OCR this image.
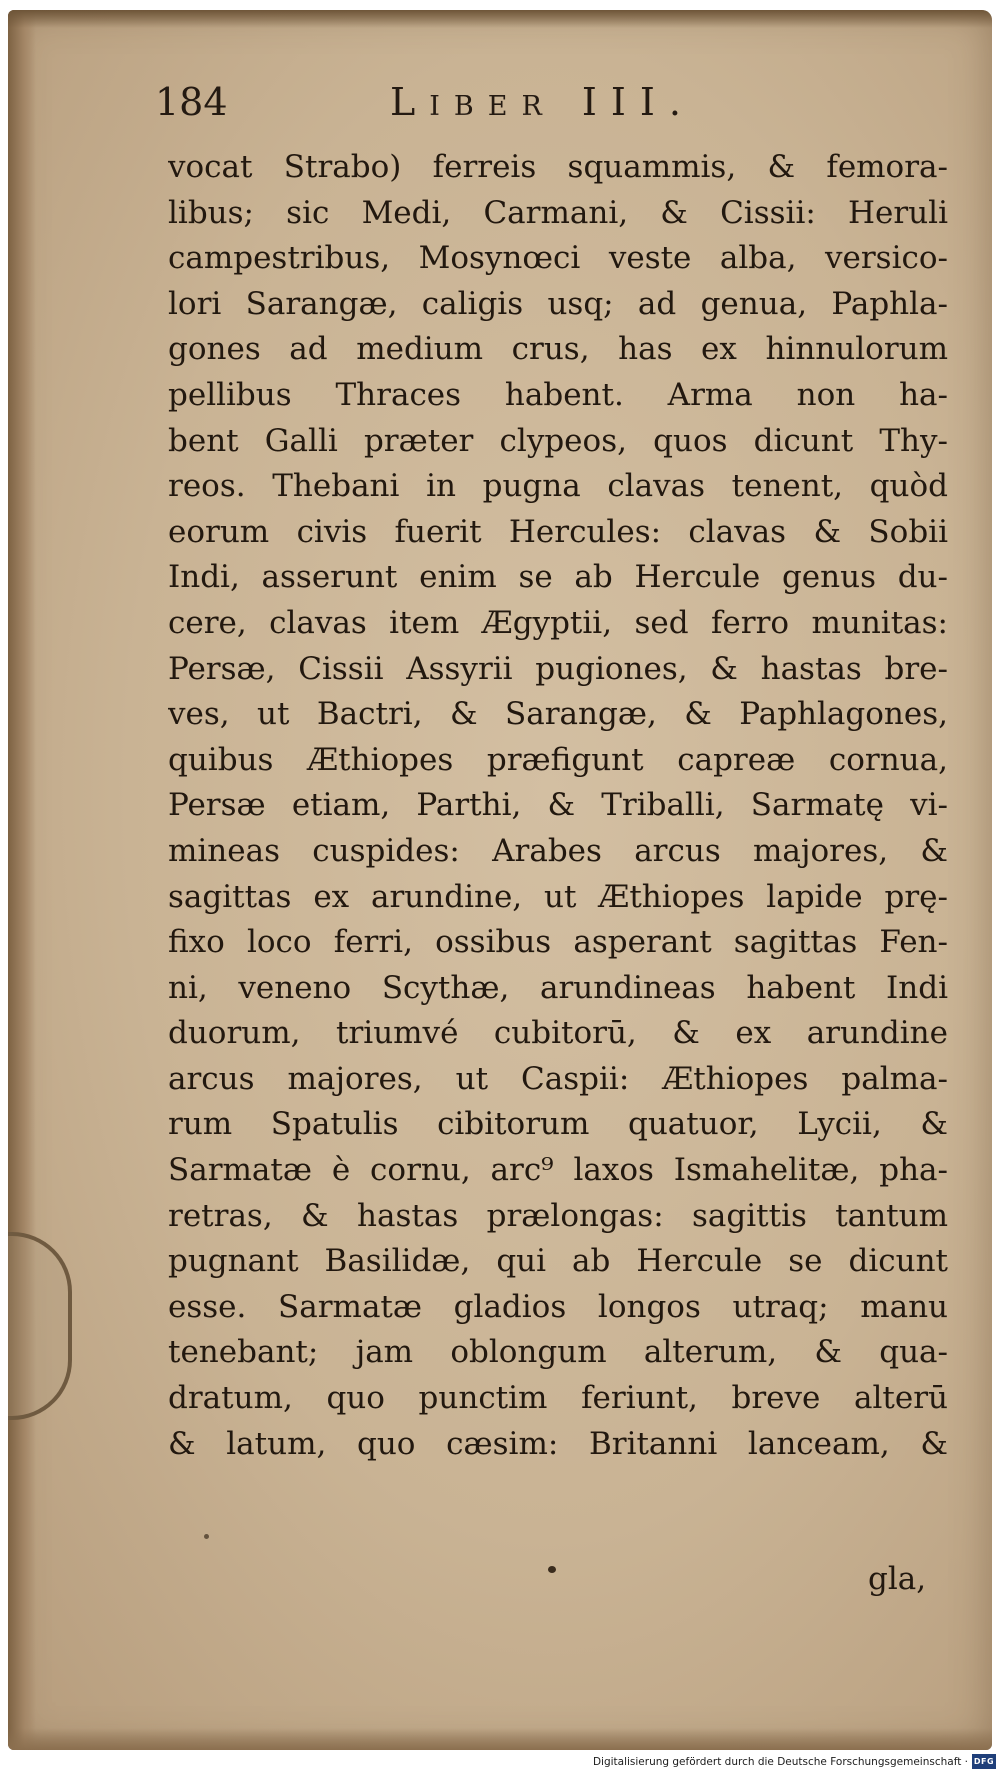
184	Liber III.
vocat Strabo) ferreis squammis, & femora-
libus; sic Medi, Carmani, & Cissii: Heruli
campestribus, Mosynœci veste alba, versico-
lori Sarangæ, caligis usq; ad genua, Paphla-
gones ad medium crus, has ex hinnulorum
pellibus Thraces habent. Arma non ha-
bent Galli præter clypeos, quos dicunt Thy-
reos. Thebani in pugna clavas tenent, quòd
eorum civis fuerit Hercules: clavas & Sobii
Indi, asserunt enim se ab Hercule genus du-
cere, clavas item Ægyptii, sed ferro munitas:
Persæ, Cissii Assyrii pugiones, & hastas bre-
ves, ut Bactri, & Sarangæ, & Paphlagones,
quibus Æthiopes præfigunt capreæ cornua,
Persæ etiam, Parthi, & Triballi, Sarmatę vi-
mineas cuspides: Arabes arcus majores, &
sagittas ex arundine, ut Æthiopes lapide prę-
fixo loco ferri, ossibus asperant sagittas Fen-
ni, veneno Scythæ, arundineas habent Indi
duorum, triumvé cubitorū, & ex arundine
arcus majores, ut Caspii: Æthiopes palma-
rum Spatulis cibitorum quatuor, Lycii, &
Sarmatæ è cornu, arc⁹ laxos Ismahelitæ, pha-
retras, & hastas prælongas: sagittis tantum
pugnant Basilidæ, qui ab Hercule se dicunt
esse. Sarmatæ gladios longos utraq; manu
tenebant; jam oblongum alterum, & qua-
dratum, quo punctim feriunt, breve alterū
& latum, quo cæsim: Britanni lanceam, &
gla,
Digitalisierung gefördert durch die Deutsche Forschungsgemeinschaft · DFG
